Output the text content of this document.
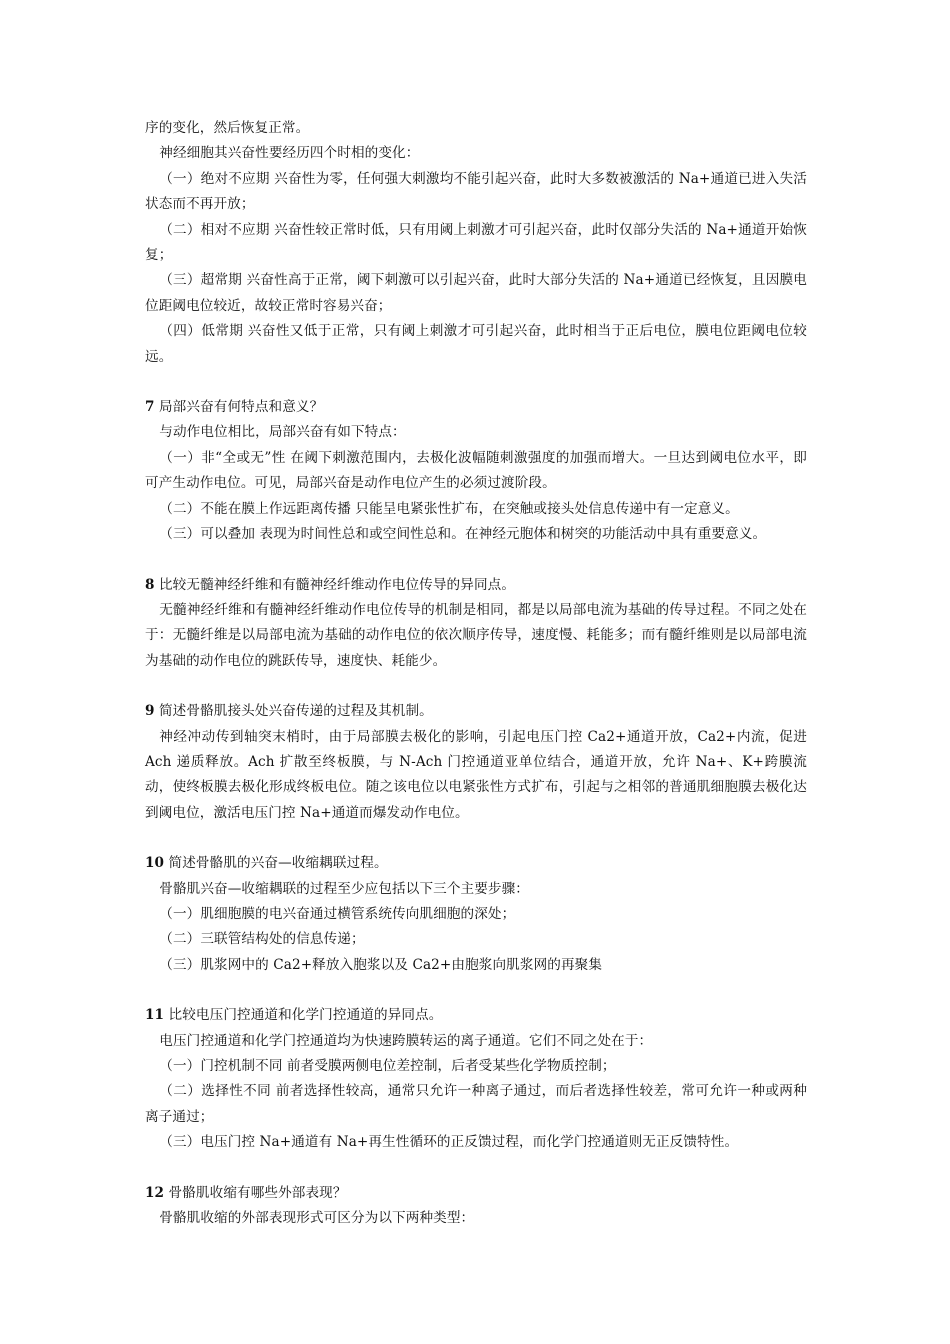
序的变化，然后恢复正常。

神经细胞其兴奋性要经历四个时相的变化：

（一）绝对不应期 兴奋性为零，任何强大刺激均不能引起兴奋，此时大多数被激活的 Na+通道已进入失活状态而不再开放；

（二）相对不应期 兴奋性较正常时低，只有用阈上刺激才可引起兴奋，此时仅部分失活的 Na+通道开始恢复；

（三）超常期 兴奋性高于正常，阈下刺激可以引起兴奋，此时大部分失活的 Na+通道已经恢复，且因膜电位距阈电位较近，故较正常时容易兴奋；

（四）低常期 兴奋性又低于正常，只有阈上刺激才可引起兴奋，此时相当于正后电位，膜电位距阈电位较远。

7 局部兴奋有何特点和意义？

与动作电位相比，局部兴奋有如下特点：

（一）非“全或无”性 在阈下刺激范围内，去极化波幅随刺激强度的加强而增大。一旦达到阈电位水平，即可产生动作电位。可见，局部兴奋是动作电位产生的必须过渡阶段。

（二）不能在膜上作远距离传播 只能呈电紧张性扩布，在突触或接头处信息传递中有一定意义。

（三）可以叠加 表现为时间性总和或空间性总和。在神经元胞体和树突的功能活动中具有重要意义。

8 比较无髓神经纤维和有髓神经纤维动作电位传导的异同点。

无髓神经纤维和有髓神经纤维动作电位传导的机制是相同，都是以局部电流为基础的传导过程。不同之处在于：无髓纤维是以局部电流为基础的动作电位的依次顺序传导，速度慢、耗能多；而有髓纤维则是以局部电流为基础的动作电位的跳跃传导，速度快、耗能少。

9 简述骨骼肌接头处兴奋传递的过程及其机制。

神经冲动传到轴突末梢时，由于局部膜去极化的影响，引起电压门控 Ca2+通道开放，Ca2+内流，促进 Ach 递质释放。Ach 扩散至终板膜，与 N-Ach 门控通道亚单位结合，通道开放，允许 Na+、K+跨膜流动，使终板膜去极化形成终板电位。随之该电位以电紧张性方式扩布，引起与之相邻的普通肌细胞膜去极化达到阈电位，激活电压门控 Na+通道而爆发动作电位。

10 简述骨骼肌的兴奋—收缩耦联过程。

骨骼肌兴奋—收缩耦联的过程至少应包括以下三个主要步骤：

（一）肌细胞膜的电兴奋通过横管系统传向肌细胞的深处；

（二）三联管结构处的信息传递；

（三）肌浆网中的 Ca2+释放入胞浆以及 Ca2+由胞浆向肌浆网的再聚集

11 比较电压门控通道和化学门控通道的异同点。

电压门控通道和化学门控通道均为快速跨膜转运的离子通道。它们不同之处在于：

（一）门控机制不同 前者受膜两侧电位差控制，后者受某些化学物质控制；

（二）选择性不同 前者选择性较高，通常只允许一种离子通过，而后者选择性较差，常可允许一种或两种离子通过；

（三）电压门控 Na+通道有 Na+再生性循环的正反馈过程，而化学门控通道则无正反馈特性。

12 骨骼肌收缩有哪些外部表现？

骨骼肌收缩的外部表现形式可区分为以下两种类型：
